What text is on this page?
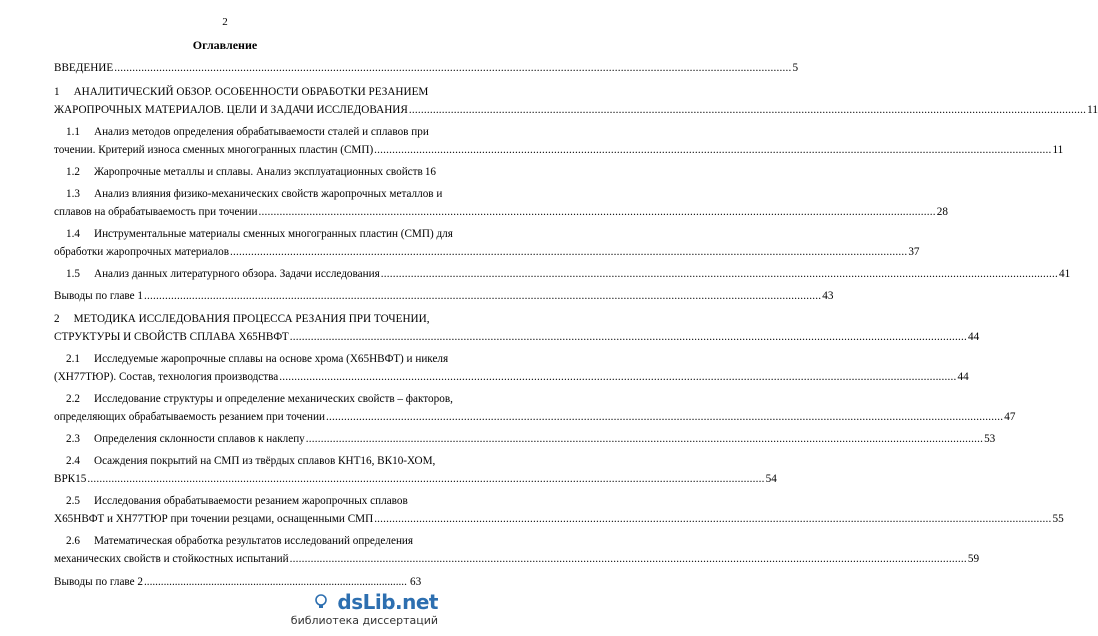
2
Оглавление
ВВЕДЕНИЕ .....	5
1 АНАЛИТИЧЕСКИЙ ОБЗОР. ОСОБЕННОСТИ ОБРАБОТКИ РЕЗАНИЕМ
ЖАРОПРОЧНЫХ МАТЕРИАЛОВ. ЦЕЛИ И ЗАДАЧИ ИССЛЕДОВАНИЯ .....	11
1.1 Анализ методов определения обрабатываемости сталей и сплавов при
точении. Критерий износа сменных многогранных пластин (СМП) .....	11
1.2 Жаропрочные металлы и сплавы. Анализ эксплуатационных свойств 16
1.3 Анализ влияния физико-механических свойств жаропрочных металлов и
сплавов на обрабатываемость при точении .....	28
1.4 Инструментальные материалы сменных многогранных пластин (СМП) для
обработки жаропрочных материалов .....	37
1.5 Анализ данных литературного обзора. Задачи исследования .....	41
Выводы по главе 1 .....	43
2 МЕТОДИКА ИССЛЕДОВАНИЯ ПРОЦЕССА РЕЗАНИЯ ПРИ ТОЧЕНИИ,
СТРУКТУРЫ И СВОЙСТВ СПЛАВА Х65НВФТ .....	44
2.1 Исследуемые жаропрочные сплавы на основе хрома (Х65НВФТ) и никеля
(ХН77ТЮР). Состав, технология производства .....	44
2.2 Исследование структуры и определение механических свойств – факторов,
определяющих обрабатываемость резанием при точении .....	47
2.3 Определения склонности сплавов к наклепу .....	53
2.4 Осаждения покрытий на СМП из твёрдых сплавов КНТ16, ВК10-ХОМ,
ВРК15 .....	54
2.5 Исследования обрабатываемости резанием жаропрочных сплавов
Х65НВФТ и ХН77ТЮР при точении резцами, оснащенными СМП .....	55
2.6 Математическая обработка результатов исследований определения
механических свойств и стойкостных испытаний .....	59
Выводы по главе 2 .............................................................................................. 63
dsLib.net
библиотека диссертаций
